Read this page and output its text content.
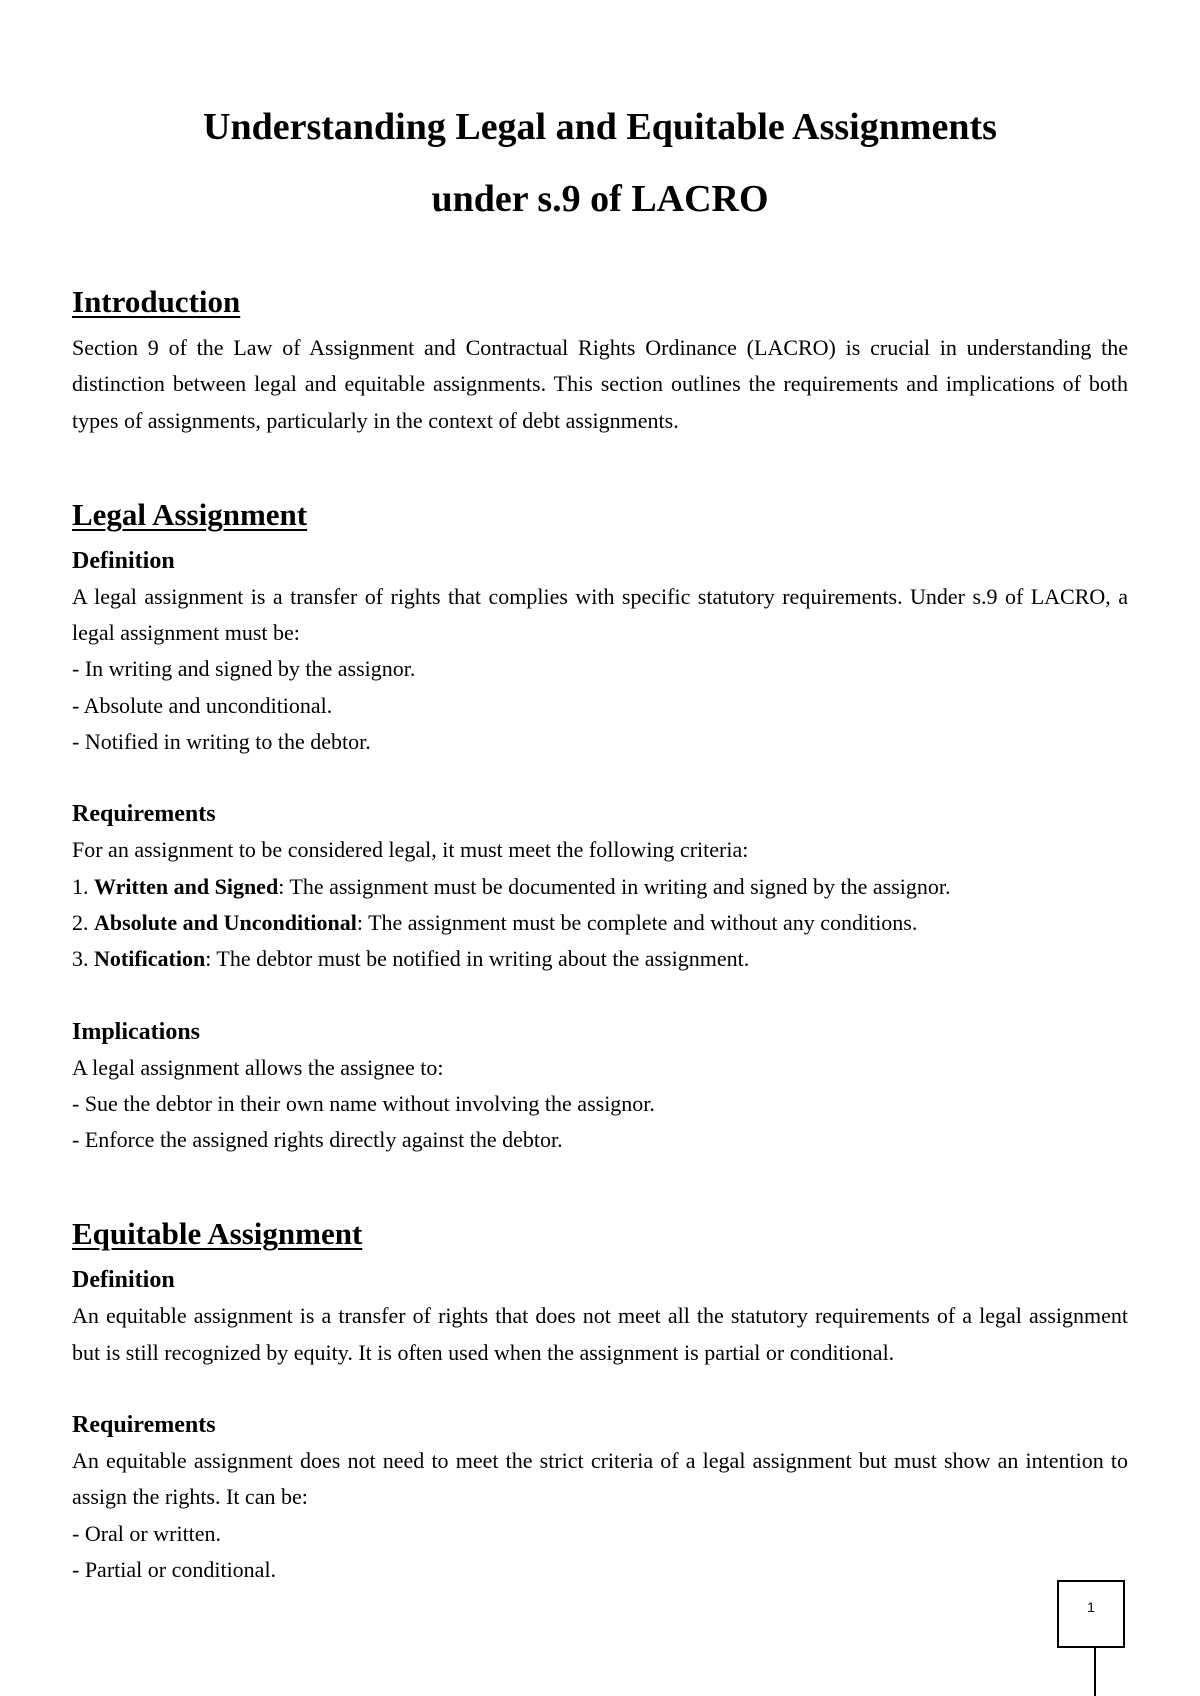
Understanding Legal and Equitable Assignments
under s.9 of LACRO
Introduction

Section 9 of the Law of Assignment and Contractual Rights Ordinance (LACRO) is crucial in understanding the distinction between legal and equitable assignments. This section outlines the requirements and implications of both types of assignments, particularly in the context of debt assignments.

Legal Assignment
Definition

A legal assignment is a transfer of rights that complies with specific statutory requirements. Under s.9 of LACRO, a legal assignment must be:

- In writing and signed by the assignor.

- Absolute and unconditional.

- Notified in writing to the debtor.

Requirements

For an assignment to be considered legal, it must meet the following criteria:

1. Written and Signed: The assignment must be documented in writing and signed by the assignor.

2. Absolute and Unconditional: The assignment must be complete and without any conditions.

3. Notification: The debtor must be notified in writing about the assignment.

Implications

A legal assignment allows the assignee to:

- Sue the debtor in their own name without involving the assignor.

- Enforce the assigned rights directly against the debtor.

Equitable Assignment
Definition

An equitable assignment is a transfer of rights that does not meet all the statutory requirements of a legal assignment but is still recognized by equity. It is often used when the assignment is partial or conditional.

Requirements

An equitable assignment does not need to meet the strict criteria of a legal assignment but must show an intention to assign the rights. It can be:

- Oral or written.

- Partial or conditional.

1
